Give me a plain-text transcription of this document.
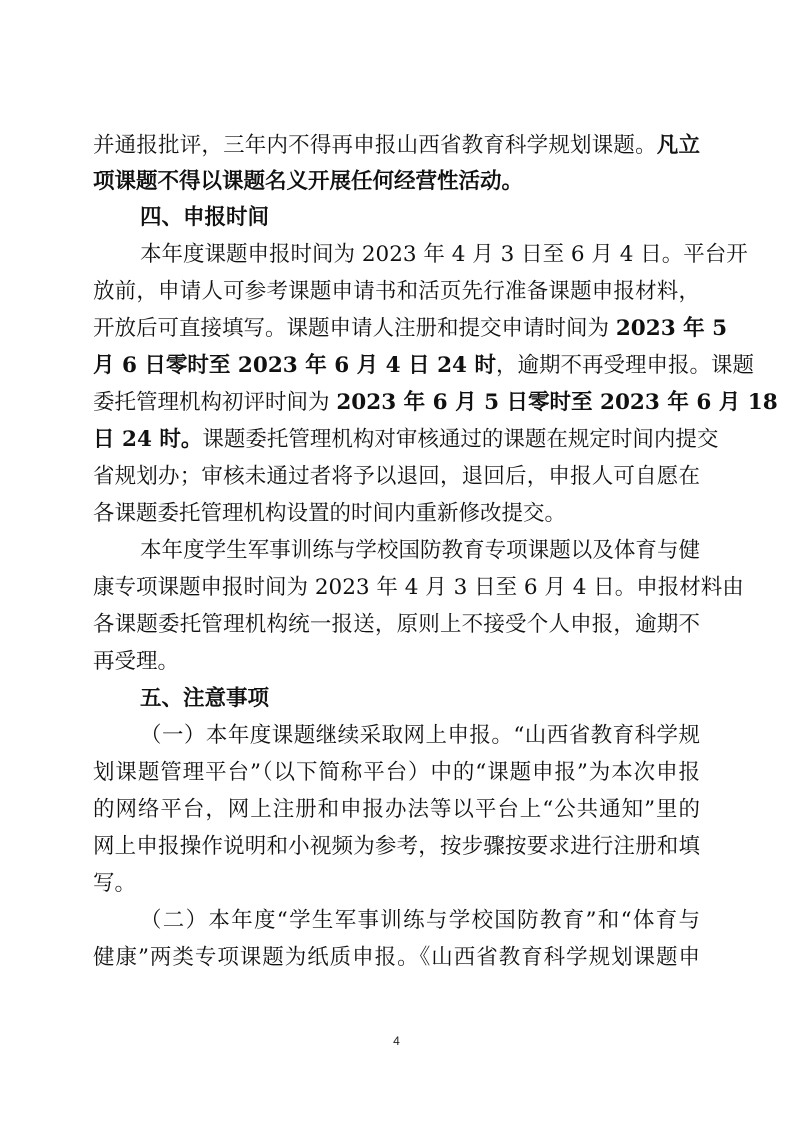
并通报批评，三年内不得再申报山西省教育科学规划课题。凡立
项课题不得以课题名义开展任何经营性活动。
四、申报时间
本年度课题申报时间为 2023 年 4 月 3 日至 6 月 4 日。平台开
放前，申请人可参考课题申请书和活页先行准备课题申报材料，
开放后可直接填写。课题申请人注册和提交申请时间为 2023 年 5
月 6 日零时至 2023 年 6 月 4 日 24 时，逾期不再受理申报。课题
委托管理机构初评时间为 2023 年 6 月 5 日零时至 2023 年 6 月 18
日 24 时。课题委托管理机构对审核通过的课题在规定时间内提交
省规划办；审核未通过者将予以退回，退回后，申报人可自愿在
各课题委托管理机构设置的时间内重新修改提交。
本年度学生军事训练与学校国防教育专项课题以及体育与健
康专项课题申报时间为 2023 年 4 月 3 日至 6 月 4 日。申报材料由
各课题委托管理机构统一报送，原则上不接受个人申报，逾期不
再受理。
五、注意事项
（一）本年度课题继续采取网上申报。“山西省教育科学规
划课题管理平台”（以下简称平台）中的“课题申报”为本次申报
的网络平台，网上注册和申报办法等以平台上“公共通知”里的
网上申报操作说明和小视频为参考，按步骤按要求进行注册和填
写。
（二）本年度“学生军事训练与学校国防教育”和“体育与
健康”两类专项课题为纸质申报。《山西省教育科学规划课题申
4
